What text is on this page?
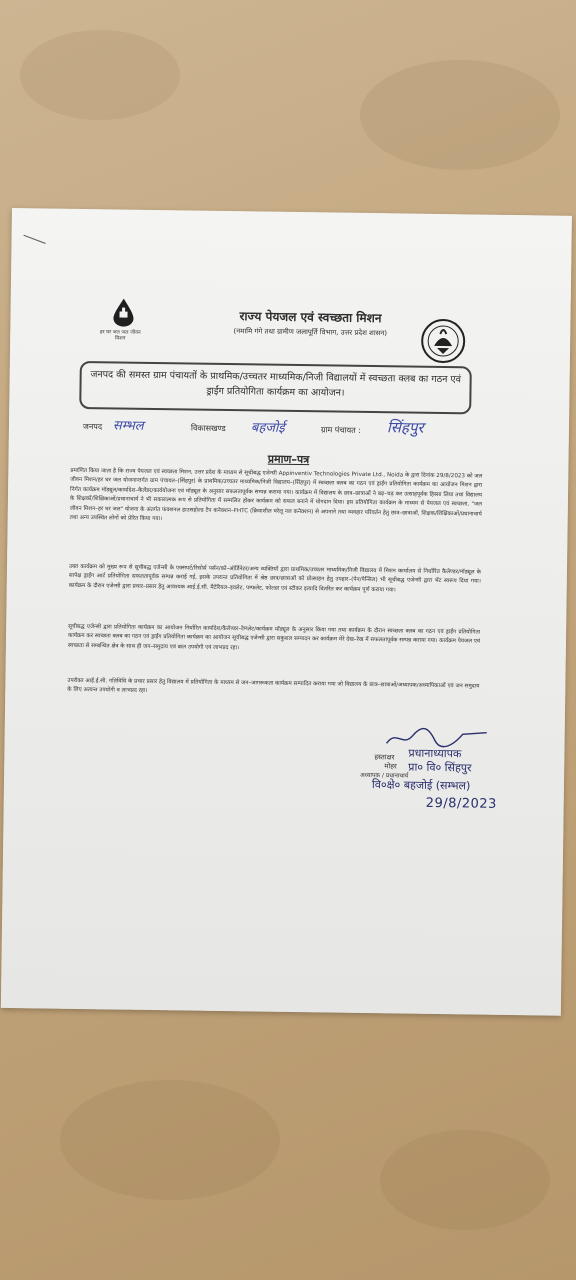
हर घर जल जल जीवन मिशन
राज्य पेयजल एवं स्वच्छता मिशन
(नमामि गंगे तथा ग्रामीण जलापूर्ति विभाग, उत्तर प्रदेश शासन)
जनपद की समस्त ग्राम पंचायतों के प्राथमिक/उच्चतर माध्यमिक/निजी विद्यालयों में स्वच्छता क्लब का गठन एवं ड्राईंग प्रतियोगिता कार्यक्रम का आयोजन।
जनपद सम्भल	विकासखण्ड बहजोई	ग्राम पंचायत : सिंहपुर
प्रमाण–पत्र
प्रमाणित किया जाता है कि राज्य पेयजल एवं स्वच्छता मिशन, उत्तर प्रदेश के माध्यम से सूचीबद्ध एजेन्सी Appinventiv Technologies Private Ltd., Noida के द्वारा दिनांक 29/8/2023 को जल जीवन मिशन/हर घर जल योजनान्तर्गत ग्राम पंचायत–(सिंहपुर) के प्राथमिक/उच्चतर माध्यमिक/निजी विद्यालय–(सिंहपुर) में स्वच्छता क्लब का गठन एवं ड्राईंग प्रतियोगिता कार्यक्रम का आयोजन मिशन द्वारा निर्गत कार्यक्रम मॉड्यूल/कार्यादेश–कैलेंडर/कार्ययोजना एवं मॉड्यूल के अनुसार सफलतापूर्वक सम्पन्न कराया गया। कार्यक्रम में विद्यालय के छात्र–छात्राओं ने बढ़–चढ़ कर उत्साहपूर्वक हिस्सा लिया तथा विद्यालय के शिक्षकों/शिक्षिकाओं/प्रधानाचार्य ने भी सकारात्मक रूप से प्रतियोगिता में सम्मलित होकर कार्यक्रम को सफल बनाने में योगदान दिया। इस प्रतियोगिता कार्यक्रम के माध्यम से पेयजल एवं स्वच्छता, "जल जीवन मिशन–हर घर जल" योजना के अंतर्गत फंक्शनल हाउसहोल्ड टैप कनेक्शन–FHTC (क्रियाशील घरेलू नल कनेक्शन) से अपनाने तथा व्यवहार परिवर्तन हेतु छात्र–छात्राओं, शिक्षक/शिक्षिकाओं/प्रधानाचार्य तथा अन्य उपस्थित लोगों को प्रेरित किया गया।
उक्त कार्यक्रम को मुख्य रूप से सूचीबद्ध एजेन्सी के एक्सपर्ट/रिसोर्स पर्सन/को–ऑर्डिनेटर/अन्य व्यक्तियों द्वारा प्राथमिक/उच्चतर माध्यमिक/निजी विद्यालय में मिशन कार्यालय से निर्धारित कैलेण्डर/मॉड्यूल के सापेक्ष ड्राईंग आर्ट प्रतियोगिता सफलतापूर्वक सम्पन्न कराई गई, इसके उपरान्त प्रतियोगिता में श्रेष्ठ छात्र/छात्राओं को प्रोत्साहन हेतु उपहार–(पेन/पेन्सिल) भी सूचीबद्ध एजेन्सी द्वारा भेंट स्वरूप दिया गया। कार्यक्रम के दौरान एजेन्सी द्वारा प्रचार–प्रसार हेतु आवश्यक आई.ई.सी. मैटेरियल–इवलेट, पम्फलेट, फोल्डर एवं स्टीकर इत्यादि वितरित कर कार्यक्रम पूर्ण कराया गया।
सूचीबद्ध एजेन्सी द्वारा प्रतियोगिता कार्यक्रम का आयोजन निर्धारित कार्यादेश/कैलेण्डर–टैम्प्लेट/कार्यक्रम मॉड्यूल के अनुसार किया गया तथा कार्यक्रम के दौरान स्वच्छता क्लब का गठन एवं ड्राईंग प्रतियोगिता कार्यक्रम कर स्वच्छता क्लब का गठन एवं ड्राईंग प्रतियोगिता कार्यक्रम का आयोजन सूचीबद्ध एजेन्सी द्वारा सकुशल सम्पादन कर कार्यक्रम मेरे देख–रेख में सफलतापूर्वक सम्पन्न कराया गया। कार्यक्रम पेयजल एवं स्वच्छता से सम्बन्धित क्षेत्र के साथ ही जन–समुदाय एवं बाल उपयोगी एवं लाभप्रद रहा।
उपरोक्त आई.ई.सी. गतिविधि के प्रचार प्रसार हेतु विद्यालय में प्रतियोगिता के माध्यम से जन–जागरूकता कार्यक्रम सम्पादित कराया गया जो विद्यालय के छात्र–छात्राओं/अध्यापक/अध्यापिकाओं एवं जन समुदाय के लिए अत्यन्त उपयोगी व लाभप्रद रहा।
प्रधानाध्यापक
हस्ताक्षर
मोहर
अध्यापक / प्रधानाचार्य
प्रा० वि० सिंहपुर
वि०क्षे० बहजोई (सम्भल)
29/8/2023
